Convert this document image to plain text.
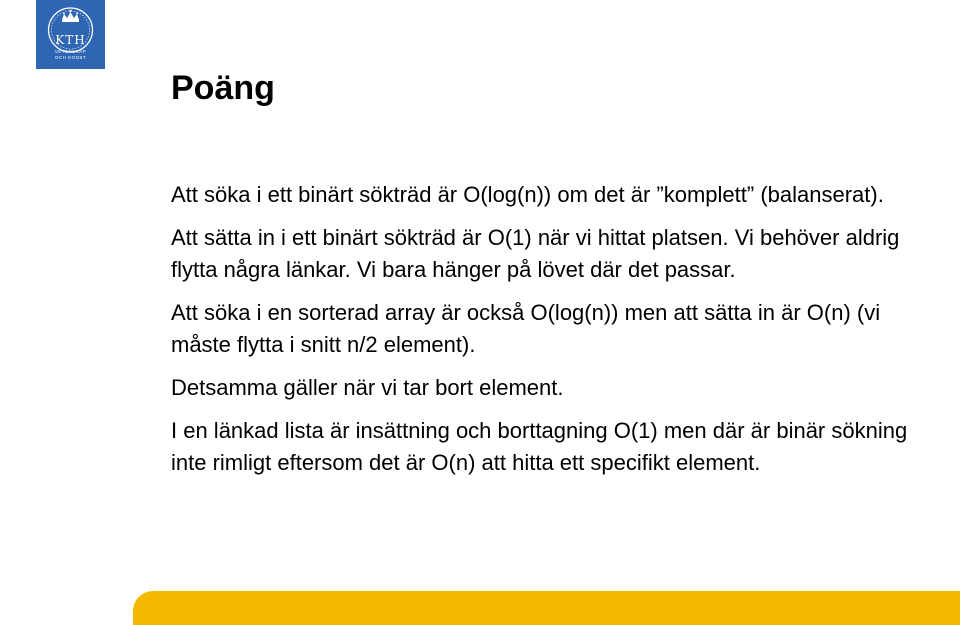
KTH
VETENSKAP
OCH KONST
Poäng

Att söka i ett binärt sökträd är O(log(n)) om det är ”komplett” (balanserat).

Att sätta in i ett binärt sökträd är O(1) när vi hittat platsen. Vi behöver aldrig flytta några länkar. Vi bara hänger på lövet där det passar.

Att söka i en sorterad array är också O(log(n)) men att sätta in är O(n) (vi måste flytta i snitt n/2 element).

Detsamma gäller när vi tar bort element.

I en länkad lista är insättning och borttagning O(1) men där är binär sökning inte rimligt eftersom det är O(n) att hitta ett specifikt element.
